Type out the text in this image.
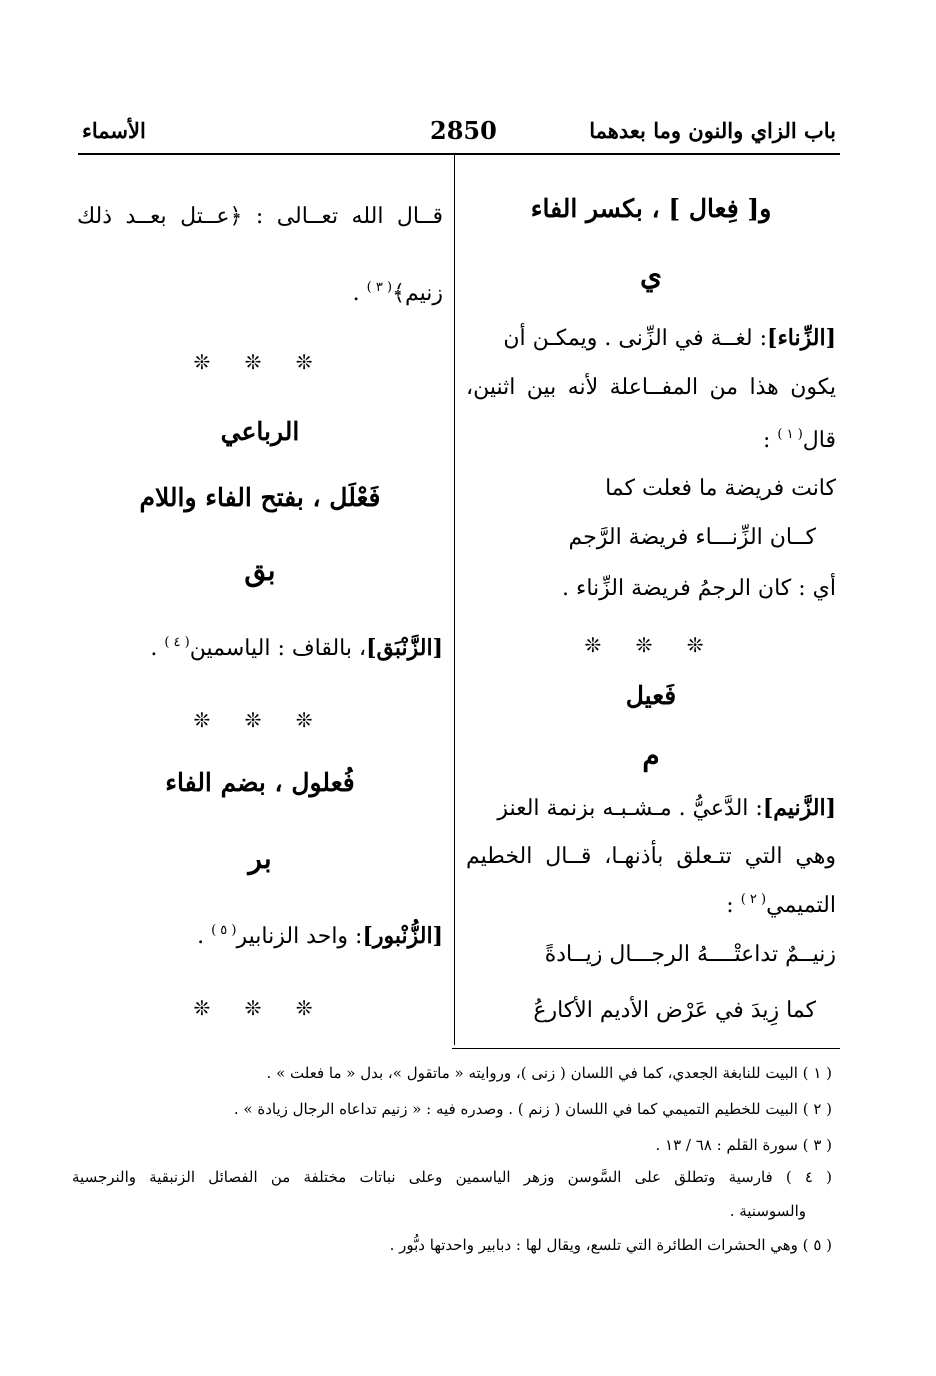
باب الزاي والنون وما بعدهما
2850
الأسماء
و[ فِعال ] ، بكسر الفاء
ي
[الزِّناء]: لغــة في الزِّنى . ويمكـن أن
يكون هذا من المفــاعلة لأنه بين اثنين،
قال$^{( ١ )}$ :
كانت فريضة ما فعلت كما
كــان الزِّنـــاء فريضة الرَّجم
أي : كان الرجمُ فريضة الزِّناء .
❊ ❊ ❊
فَعيل
م
[الزَّنيم]: الدَّعيُّ . مـشـبـه بزنمة العنز
وهي التي تتـعلق بأذنهـا، قــال الخطيم
التميمي$^{( ٢ )}$ :
زنيــمٌ تداعتْــــهُ الرجـــال زيــادةً
كما زِيدَ في عَرْض الأديم الأكارعُ
قــال الله تعــالى : ﴿عــتل بعــد ذلك
زنيم﴾$^{( ٣ )}$ .
❊ ❊ ❊
الرباعي
فَعْلَل ، بفتح الفاء واللام
بق
[الزَّنْبَق]، بالقاف : الياسمين$^{( ٤ )}$ .
❊ ❊ ❊
فُعلول ، بضم الفاء
بر
[الزُّنْبور]: واحد الزنابير$^{( ٥ )}$ .
❊ ❊ ❊
( ١ ) البيت للنابغة الجعدي، كما في اللسان ( زنى )، وروايته « ماتقول »، بدل « ما فعلت » .
( ٢ ) البيت للخطيم التميمي كما في اللسان ( زنم ) . وصدره فيه : « زنيم تداعاه الرجال زيادة » .
( ٣ ) سورة القلم : ٦٨ / ١٣ .
( ٤ ) فارسية وتطلق على السَّوسن وزهر الياسمين وعلى نباتات مختلفة من الفصائل الزنبقية والنرجسية
والسوسنية .
( ٥ ) وهي الحشرات الطائرة التي تلسع، ويقال لها : دبابير واحدتها دبُّور .
